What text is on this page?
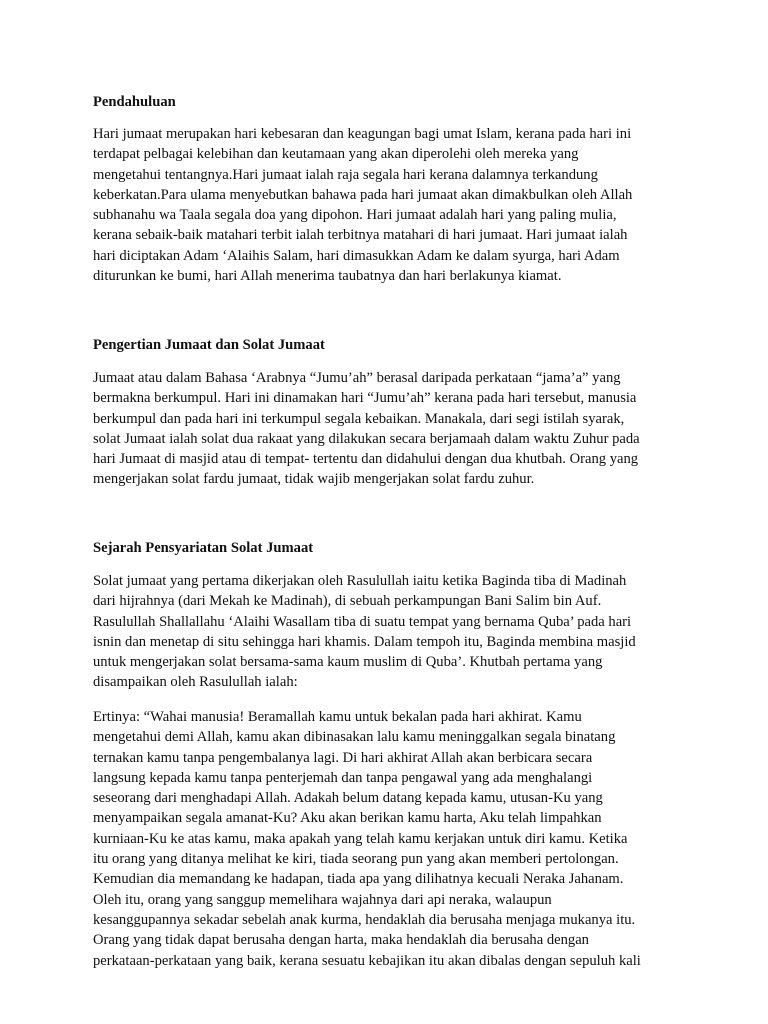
Pendahuluan

Hari jumaat merupakan hari kebesaran dan keagungan bagi umat Islam, kerana pada hari ini
terdapat pelbagai kelebihan dan keutamaan yang akan diperolehi oleh mereka yang
mengetahui tentangnya.Hari jumaat ialah raja segala hari kerana dalamnya terkandung
keberkatan.Para ulama menyebutkan bahawa pada hari jumaat akan dimakbulkan oleh Allah
subhanahu wa Taala segala doa yang dipohon. Hari jumaat adalah hari yang paling mulia,
kerana sebaik-baik matahari terbit ialah terbitnya matahari di hari jumaat. Hari jumaat ialah
hari diciptakan Adam ‘Alaihis Salam, hari dimasukkan Adam ke dalam syurga, hari Adam
diturunkan ke bumi, hari Allah menerima taubatnya dan hari berlakunya kiamat.

Pengertian Jumaat dan Solat Jumaat

Jumaat atau dalam Bahasa ‘Arabnya “Jumu’ah” berasal daripada perkataan “jama’a” yang
bermakna berkumpul. Hari ini dinamakan hari “Jumu’ah” kerana pada hari tersebut, manusia
berkumpul dan pada hari ini terkumpul segala kebaikan. Manakala, dari segi istilah syarak,
solat Jumaat ialah solat dua rakaat yang dilakukan secara berjamaah dalam waktu Zuhur pada
hari Jumaat di masjid atau di tempat- tertentu dan didahului dengan dua khutbah. Orang yang
mengerjakan solat fardu jumaat, tidak wajib mengerjakan solat fardu zuhur.

Sejarah Pensyariatan Solat Jumaat

Solat jumaat yang pertama dikerjakan oleh Rasulullah iaitu ketika Baginda tiba di Madinah
dari hijrahnya (dari Mekah ke Madinah), di sebuah perkampungan Bani Salim bin Auf.
Rasulullah Shallallahu ‘Alaihi Wasallam tiba di suatu tempat yang bernama Quba’ pada hari
isnin dan menetap di situ sehingga hari khamis. Dalam tempoh itu, Baginda membina masjid
untuk mengerjakan solat bersama-sama kaum muslim di Quba’. Khutbah pertama yang
disampaikan oleh Rasulullah ialah:

Ertinya: “Wahai manusia! Beramallah kamu untuk bekalan pada hari akhirat. Kamu
mengetahui demi Allah, kamu akan dibinasakan lalu kamu meninggalkan segala binatang
ternakan kamu tanpa pengembalanya lagi. Di hari akhirat Allah akan berbicara secara
langsung kepada kamu tanpa penterjemah dan tanpa pengawal yang ada menghalangi
seseorang dari menghadapi Allah. Adakah belum datang kepada kamu, utusan-Ku yang
menyampaikan segala amanat-Ku? Aku akan berikan kamu harta, Aku telah limpahkan
kurniaan-Ku ke atas kamu, maka apakah yang telah kamu kerjakan untuk diri kamu. Ketika
itu orang yang ditanya melihat ke kiri, tiada seorang pun yang akan memberi pertolongan.
Kemudian dia memandang ke hadapan, tiada apa yang dilihatnya kecuali Neraka Jahanam.
Oleh itu, orang yang sanggup memelihara wajahnya dari api neraka, walaupun
kesanggupannya sekadar sebelah anak kurma, hendaklah dia berusaha menjaga mukanya itu.
Orang yang tidak dapat berusaha dengan harta, maka hendaklah dia berusaha dengan
perkataan-perkataan yang baik, kerana sesuatu kebajikan itu akan dibalas dengan sepuluh kali
